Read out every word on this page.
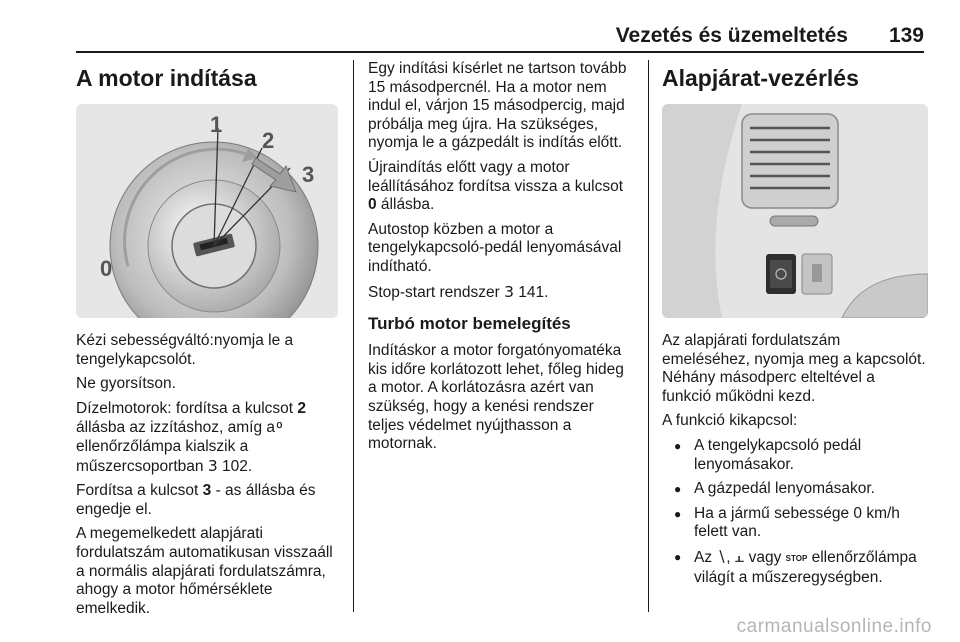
Vezetés és üzemeltetés 139
A motor indítása
1
2
3
0

Kézi sebességváltó:nyomja le a tengelykapcsolót.

Ne gyorsítson.

Dízelmotorok: fordítsa a kulcsot 2 állásba az izzításhoz, amíg a ellenőrzőlámpa kialszik a műszercsoportban 3 102.

Fordítsa a kulcsot 3 - as állásba és engedje el.

A megemelkedett alapjárati fordulatszám automatikusan visszaáll a normális alapjárati fordulatszámra, ahogy a motor hőmérséklete emelkedik.

Egy indítási kísérlet ne tartson tovább 15 másodpercnél. Ha a motor nem indul el, várjon 15 másodpercig, majd próbálja meg újra. Ha szükséges, nyomja le a gázpedált is indítás előtt.

Újraindítás előtt vagy a motor leállításához fordítsa vissza a kulcsot 0 állásba.

Autostop közben a motor a tengelykapcsoló-pedál lenyomásával indítható.

Stop-start rendszer 3 141.

Turbó motor bemelegítés

Indításkor a motor forgatónyomatéka kis időre korlátozott lehet, főleg hideg a motor. A korlátozásra azért van szükség, hogy a kenési rendszer teljes védelmet nyújthasson a motornak.

Alapjárat-vezérlés

Az alapjárati fordulatszám emeléséhez, nyomja meg a kapcsolót. Néhány másodperc elteltével a funkció működni kezd.

A funkció kikapcsol:

● A tengelykapcsoló pedál lenyomásakor.
● A gázpedál lenyomásakor.
● Ha a jármű sebessége 0 km/h felett van.
● Az ∖, ⫠ vagy STOP ellenőrzőlámpa világít a műszeregységben.
carmanualsonline.info
